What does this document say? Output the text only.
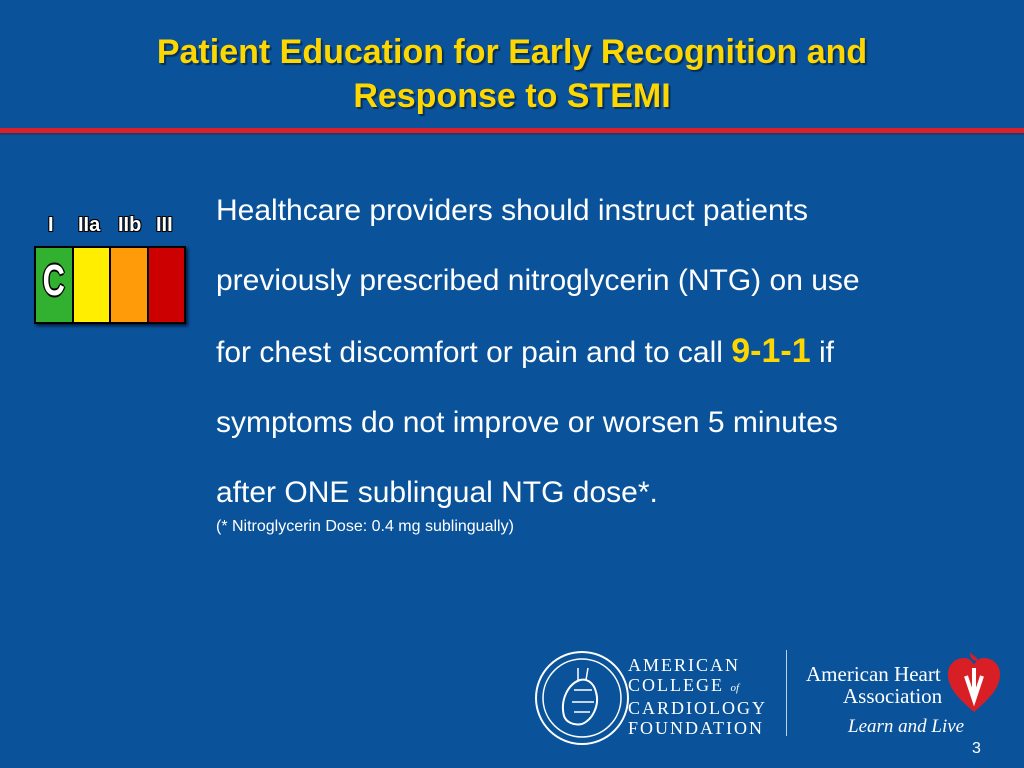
Patient Education for Early Recognition and
Response to STEMI
I IIa IIb III
C
Healthcare providers should instruct patients
previously prescribed nitroglycerin (NTG) on use
for chest discomfort or pain and to call 9-1-1 if
symptoms do not improve or worsen 5 minutes
after ONE sublingual NTG dose*.
(* Nitroglycerin Dose: 0.4 mg sublingually)
AMERICAN
COLLEGE of
CARDIOLOGY
FOUNDATION
American Heart
Association
Learn and Live
3
